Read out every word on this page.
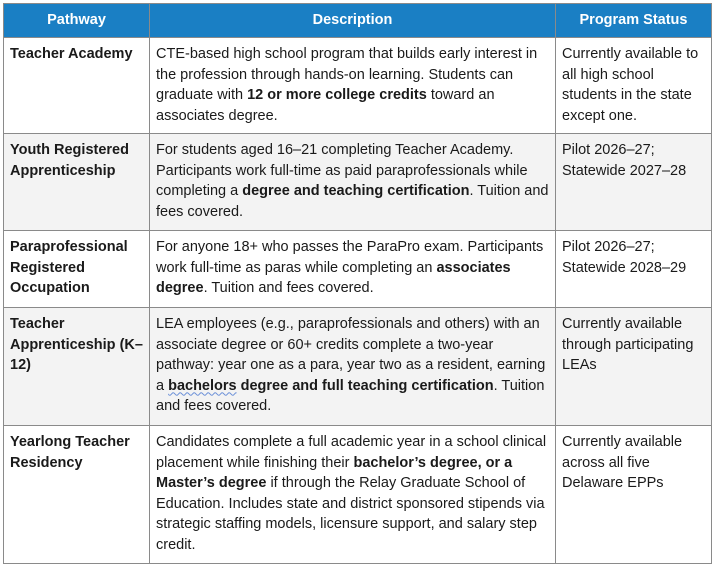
Pathway	Description	Program Status
Teacher Academy	CTE-based high school program that builds early interest in the profession through hands-on learning. Students can graduate with 12 or more college credits toward an associates degree.	Currently available to all high school students in the state except one.
Youth Registered Apprenticeship	For students aged 16–21 completing Teacher Academy. Participants work full-time as paid paraprofessionals while completing a degree and teaching certification. Tuition and fees covered.	Pilot 2026–27; Statewide 2027–28
Paraprofessional Registered Occupation	For anyone 18+ who passes the ParaPro exam. Participants work full-time as paras while completing an associates degree. Tuition and fees covered.	Pilot 2026–27; Statewide 2028–29
Teacher Apprenticeship (K–12)	LEA employees (e.g., paraprofessionals and others) with an associate degree or 60+ credits complete a two-year pathway: year one as a para, year two as a resident, earning a bachelors degree and full teaching certification. Tuition and fees covered.	Currently available through participating LEAs
Yearlong Teacher Residency	Candidates complete a full academic year in a school clinical placement while finishing their bachelor’s degree, or a Master’s degree if through the Relay Graduate School of Education. Includes state and district sponsored stipends via strategic staffing models, licensure support, and salary step credit.	Currently available across all five Delaware EPPs
